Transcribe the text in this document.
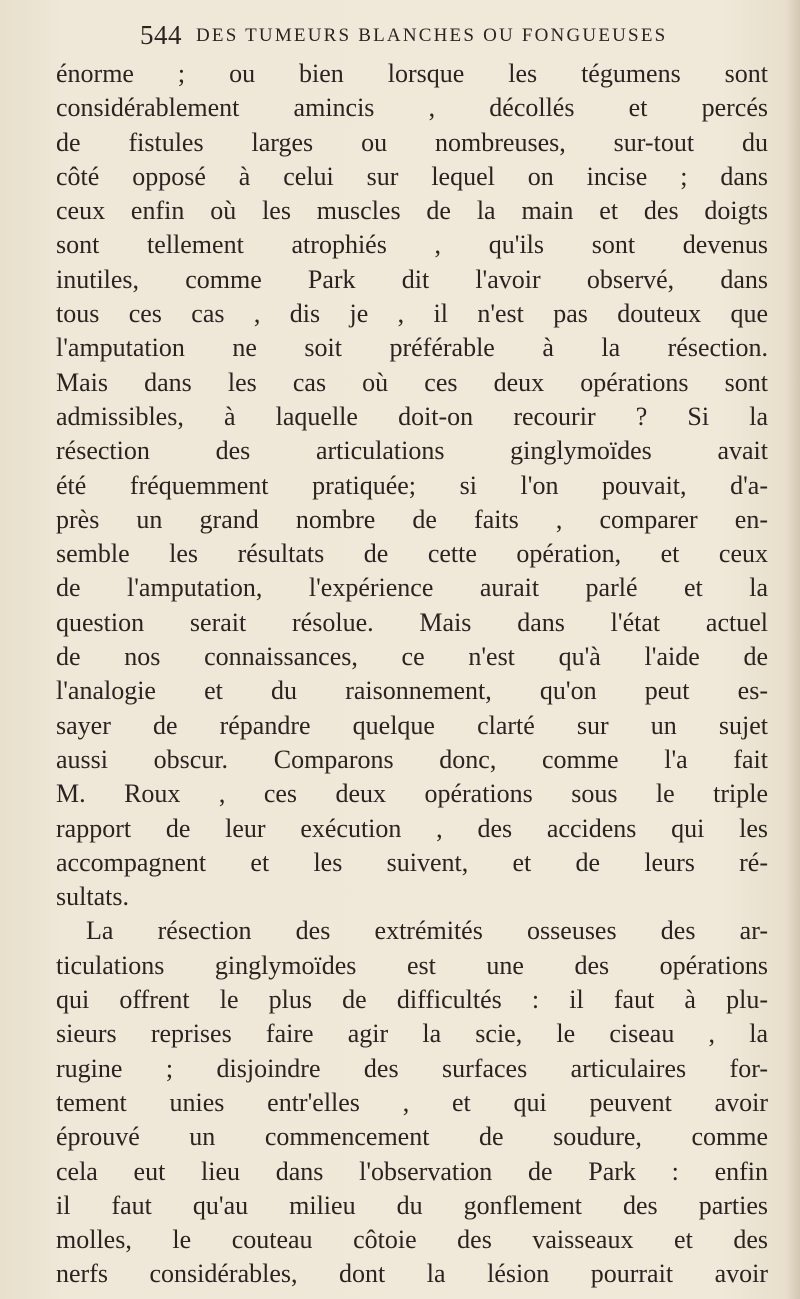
544 DES TUMEURS BLANCHES OU FONGUEUSES
énorme ; ou bien lorsque les tégumens sont
considérablement amincis , décollés et percés
de fistules larges ou nombreuses, sur-tout du
côté opposé à celui sur lequel on incise ; dans
ceux enfin où les muscles de la main et des doigts
sont tellement atrophiés , qu'ils sont devenus
inutiles, comme Park dit l'avoir observé, dans
tous ces cas , dis je , il n'est pas douteux que
l'amputation ne soit préférable à la résection.
Mais dans les cas où ces deux opérations sont
admissibles, à laquelle doit-on recourir ? Si la
résection des articulations ginglymoïdes avait
été fréquemment pratiquée; si l'on pouvait, d'a-
près un grand nombre de faits , comparer en-
semble les résultats de cette opération, et ceux
de l'amputation, l'expérience aurait parlé et la
question serait résolue. Mais dans l'état actuel
de nos connaissances, ce n'est qu'à l'aide de
l'analogie et du raisonnement, qu'on peut es-
sayer de répandre quelque clarté sur un sujet
aussi obscur. Comparons donc, comme l'a fait
M. Roux , ces deux opérations sous le triple
rapport de leur exécution , des accidens qui les
accompagnent et les suivent, et de leurs ré-
sultats.
La résection des extrémités osseuses des ar-
ticulations ginglymoïdes est une des opérations
qui offrent le plus de difficultés : il faut à plu-
sieurs reprises faire agir la scie, le ciseau , la
rugine ; disjoindre des surfaces articulaires for-
tement unies entr'elles , et qui peuvent avoir
éprouvé un commencement de soudure, comme
cela eut lieu dans l'observation de Park : enfin
il faut qu'au milieu du gonflement des parties
molles, le couteau côtoie des vaisseaux et des
nerfs considérables, dont la lésion pourrait avoir
